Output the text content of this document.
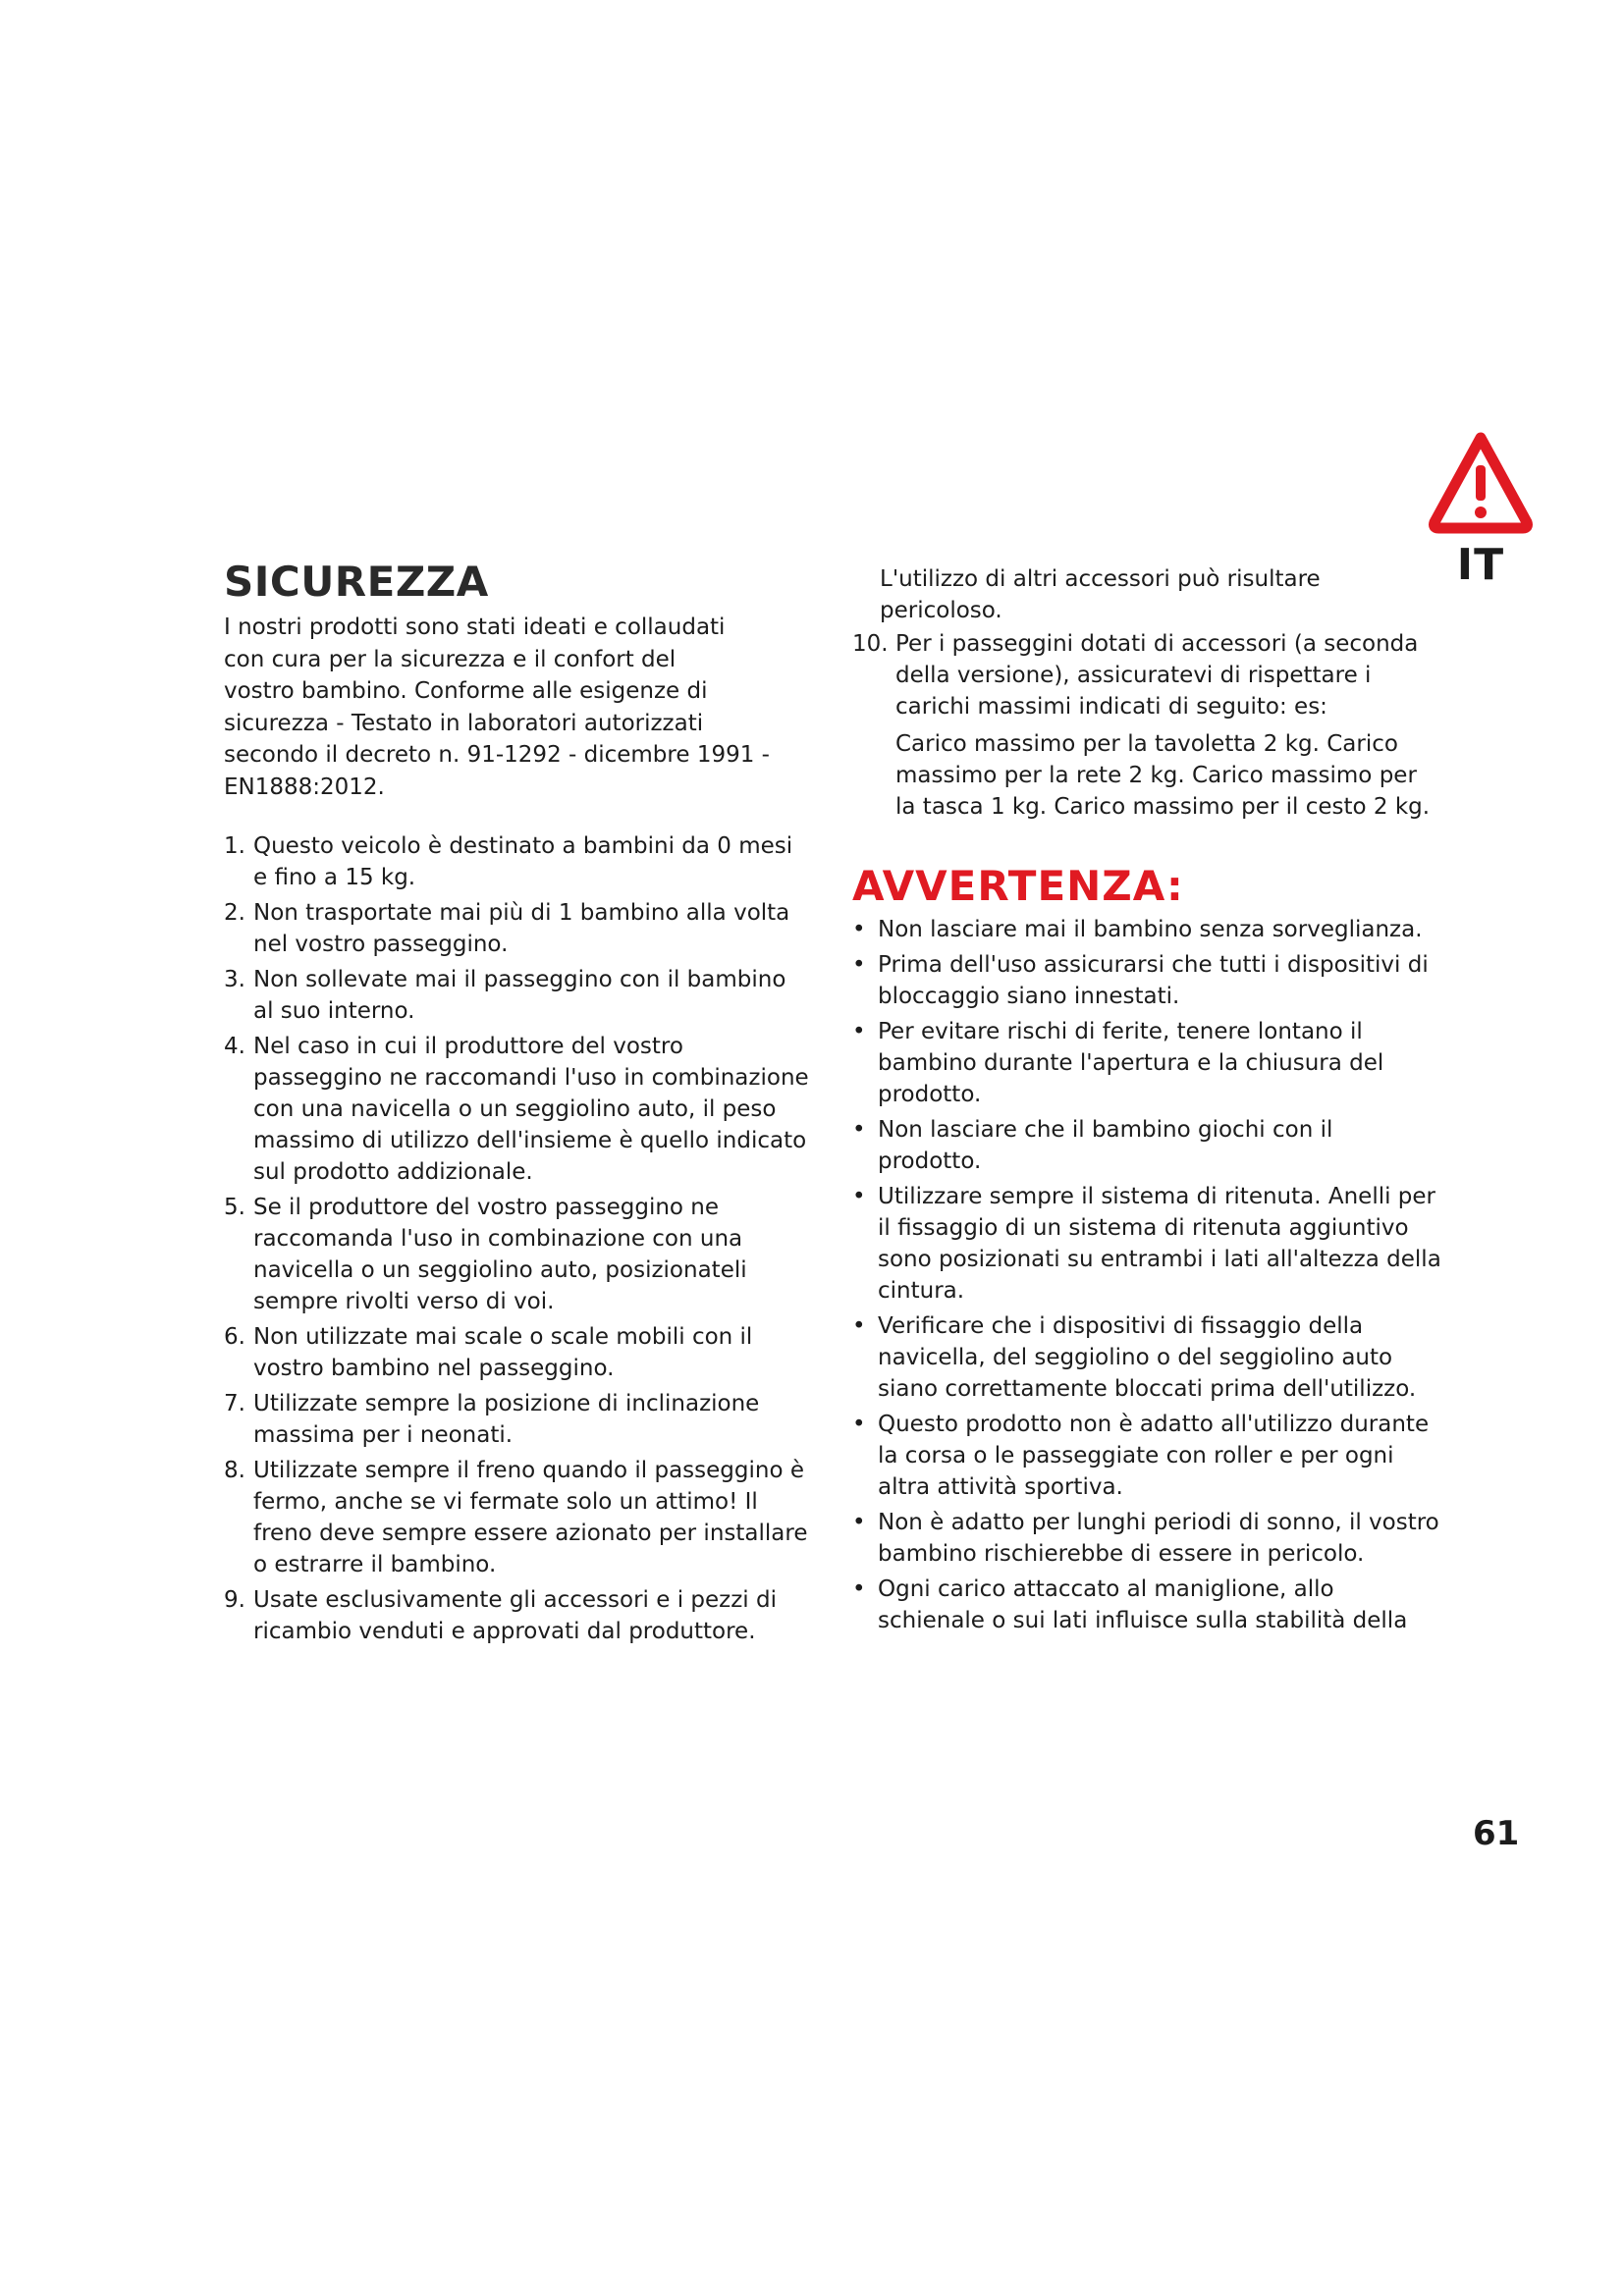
IT
SICUREZZA

I nostri prodotti sono stati ideati e collaudati

con cura per la sicurezza e il confort del

vostro bambino. Conforme alle esigenze di

sicurezza - Testato in laboratori autorizzati

secondo il decreto n. 91-1292 - dicembre 1991 -

EN1888:2012.

1. Questo veicolo è destinato a bambini da 0 mesi e fino a 15 kg.
2. Non trasportate mai più di 1 bambino alla volta nel vostro passeggino.
3. Non sollevate mai il passeggino con il bambino al suo interno.
4. Nel caso in cui il produttore del vostro passeggino ne raccomandi l'uso in combinazione con una navicella o un seggiolino auto, il peso massimo di utilizzo dell'insieme è quello indicato sul prodotto addizionale.
5. Se il produttore del vostro passeggino ne raccomanda l'uso in combinazione con una navicella o un seggiolino auto, posizionateli sempre rivolti verso di voi.
6. Non utilizzate mai scale o scale mobili con il vostro bambino nel passeggino.
7. Utilizzate sempre la posizione di inclinazione massima per i neonati.
8. Utilizzate sempre il freno quando il passeggino è fermo, anche se vi fermate solo un attimo! Il freno deve sempre essere azionato per installare o estrarre il bambino.
9. Usate esclusivamente gli accessori e i pezzi di ricambio venduti e approvati dal produttore.

L'utilizzo di altri accessori può risultare pericoloso.

10. Per i passeggini dotati di accessori (a seconda della versione), assicuratevi di rispettare i carichi massimi indicati di seguito: es:

Carico massimo per la tavoletta 2 kg. Carico massimo per la rete 2 kg. Carico massimo per la tasca 1 kg. Carico massimo per il cesto 2 kg.

AVVERTENZA:
• Non lasciare mai il bambino senza sorveglianza.
• Prima dell'uso assicurarsi che tutti i dispositivi di bloccaggio siano innestati.
• Per evitare rischi di ferite, tenere lontano il bambino durante l'apertura e la chiusura del prodotto.
• Non lasciare che il bambino giochi con il prodotto.
• Utilizzare sempre il sistema di ritenuta. Anelli per il fissaggio di un sistema di ritenuta aggiuntivo sono posizionati su entrambi i lati all'altezza della cintura.
• Verificare che i dispositivi di fissaggio della navicella, del seggiolino o del seggiolino auto siano correttamente bloccati prima dell'utilizzo.
• Questo prodotto non è adatto all'utilizzo durante la corsa o le passeggiate con roller e per ogni altra attività sportiva.
• Non è adatto per lunghi periodi di sonno, il vostro bambino rischierebbe di essere in pericolo.
• Ogni carico attaccato al maniglione, allo schienale o sui lati influisce sulla stabilità della
61
